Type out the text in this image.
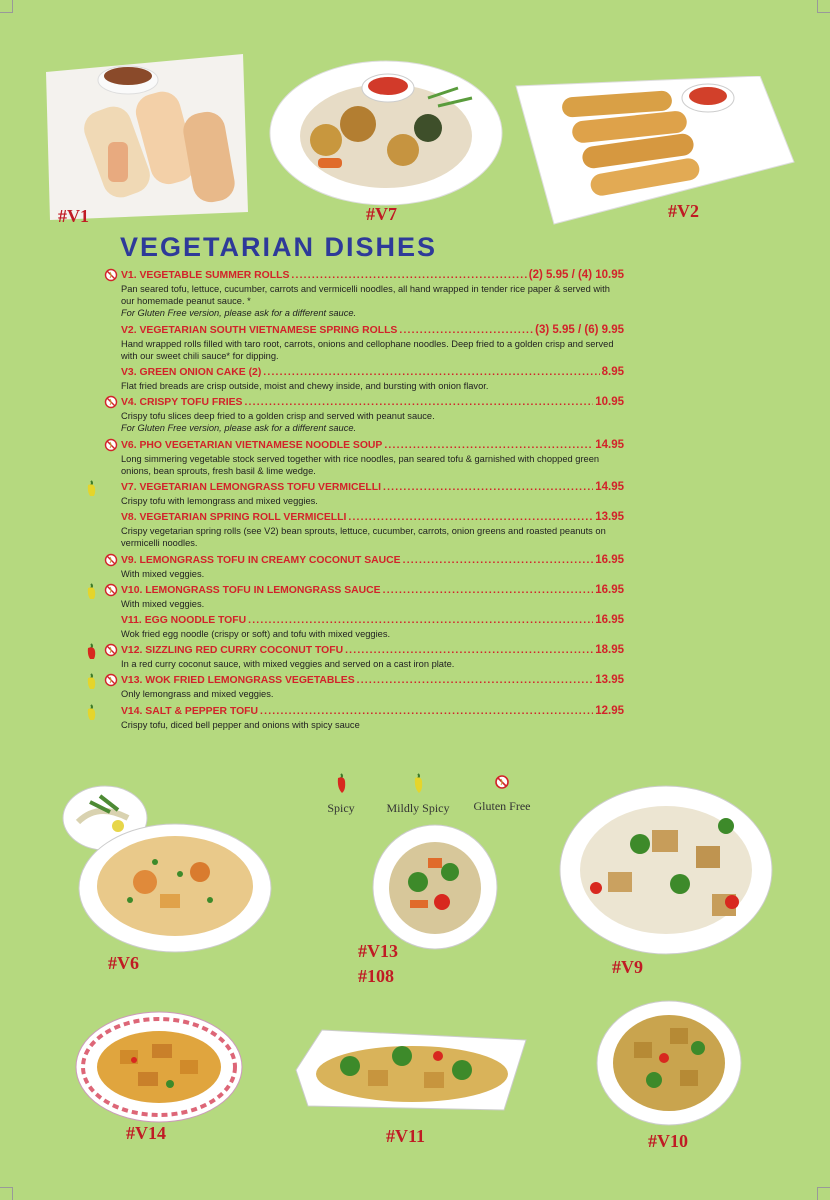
#V1	#V7	#V2
VEGETARIAN DISHES
V1. VEGETABLE SUMMER ROLLS .....	(2) 5.95 / (4) 10.95
Pan seared tofu, lettuce, cucumber, carrots and vermicelli noodles, all hand wrapped in tender rice paper & served with our homemade peanut sauce. *
For Gluten Free version, please ask for a different sauce.
V2. VEGETARIAN SOUTH VIETNAMESE SPRING ROLLS .....	(3) 5.95 / (6) 9.95
Hand wrapped rolls filled with taro root, carrots, onions and cellophane noodles. Deep fried to a golden crisp and served with our sweet chili sauce* for dipping.
V3. GREEN ONION CAKE (2) .....	8.95
Flat fried breads are crisp outside, moist and chewy inside, and bursting with onion flavor.
V4. CRISPY TOFU FRIES .....	10.95
Crispy tofu slices deep fried to a golden crisp and served with peanut sauce.
For Gluten Free version, please ask for a different sauce.
V6. PHO VEGETARIAN VIETNAMESE NOODLE SOUP .....	14.95
Long simmering vegetable stock served together with rice noodles, pan seared tofu & garnished with chopped green onions, bean sprouts, fresh basil & lime wedge.
V7. VEGETARIAN LEMONGRASS TOFU VERMICELLI .....	14.95
Crispy tofu with lemongrass and mixed veggies.
V8. VEGETARIAN SPRING ROLL VERMICELLI .....	13.95
Crispy vegetarian spring rolls (see V2) bean sprouts, lettuce, cucumber, carrots, onion greens and roasted peanuts on vermicelli noodles.
V9. LEMONGRASS TOFU IN CREAMY COCONUT SAUCE .....	16.95
With mixed veggies.
V10. LEMONGRASS TOFU IN LEMONGRASS SAUCE .....	16.95
With mixed veggies.
V11. EGG NOODLE TOFU .....	16.95
Wok fried egg noodle (crispy or soft) and tofu with mixed veggies.
V12. SIZZLING RED CURRY COCONUT TOFU .....	18.95
In a red curry coconut sauce, with mixed veggies and served on a cast iron plate.
V13. WOK FRIED LEMONGRASS VEGETABLES .....	13.95
Only lemongrass and mixed veggies.
V14. SALT & PEPPER TOFU .....	12.95
Crispy tofu, diced bell pepper and onions with spicy sauce
Spicy	Mildly Spicy	Gluten Free
#V6
#V13
#108	#V9
#V14	#V11	#V10
